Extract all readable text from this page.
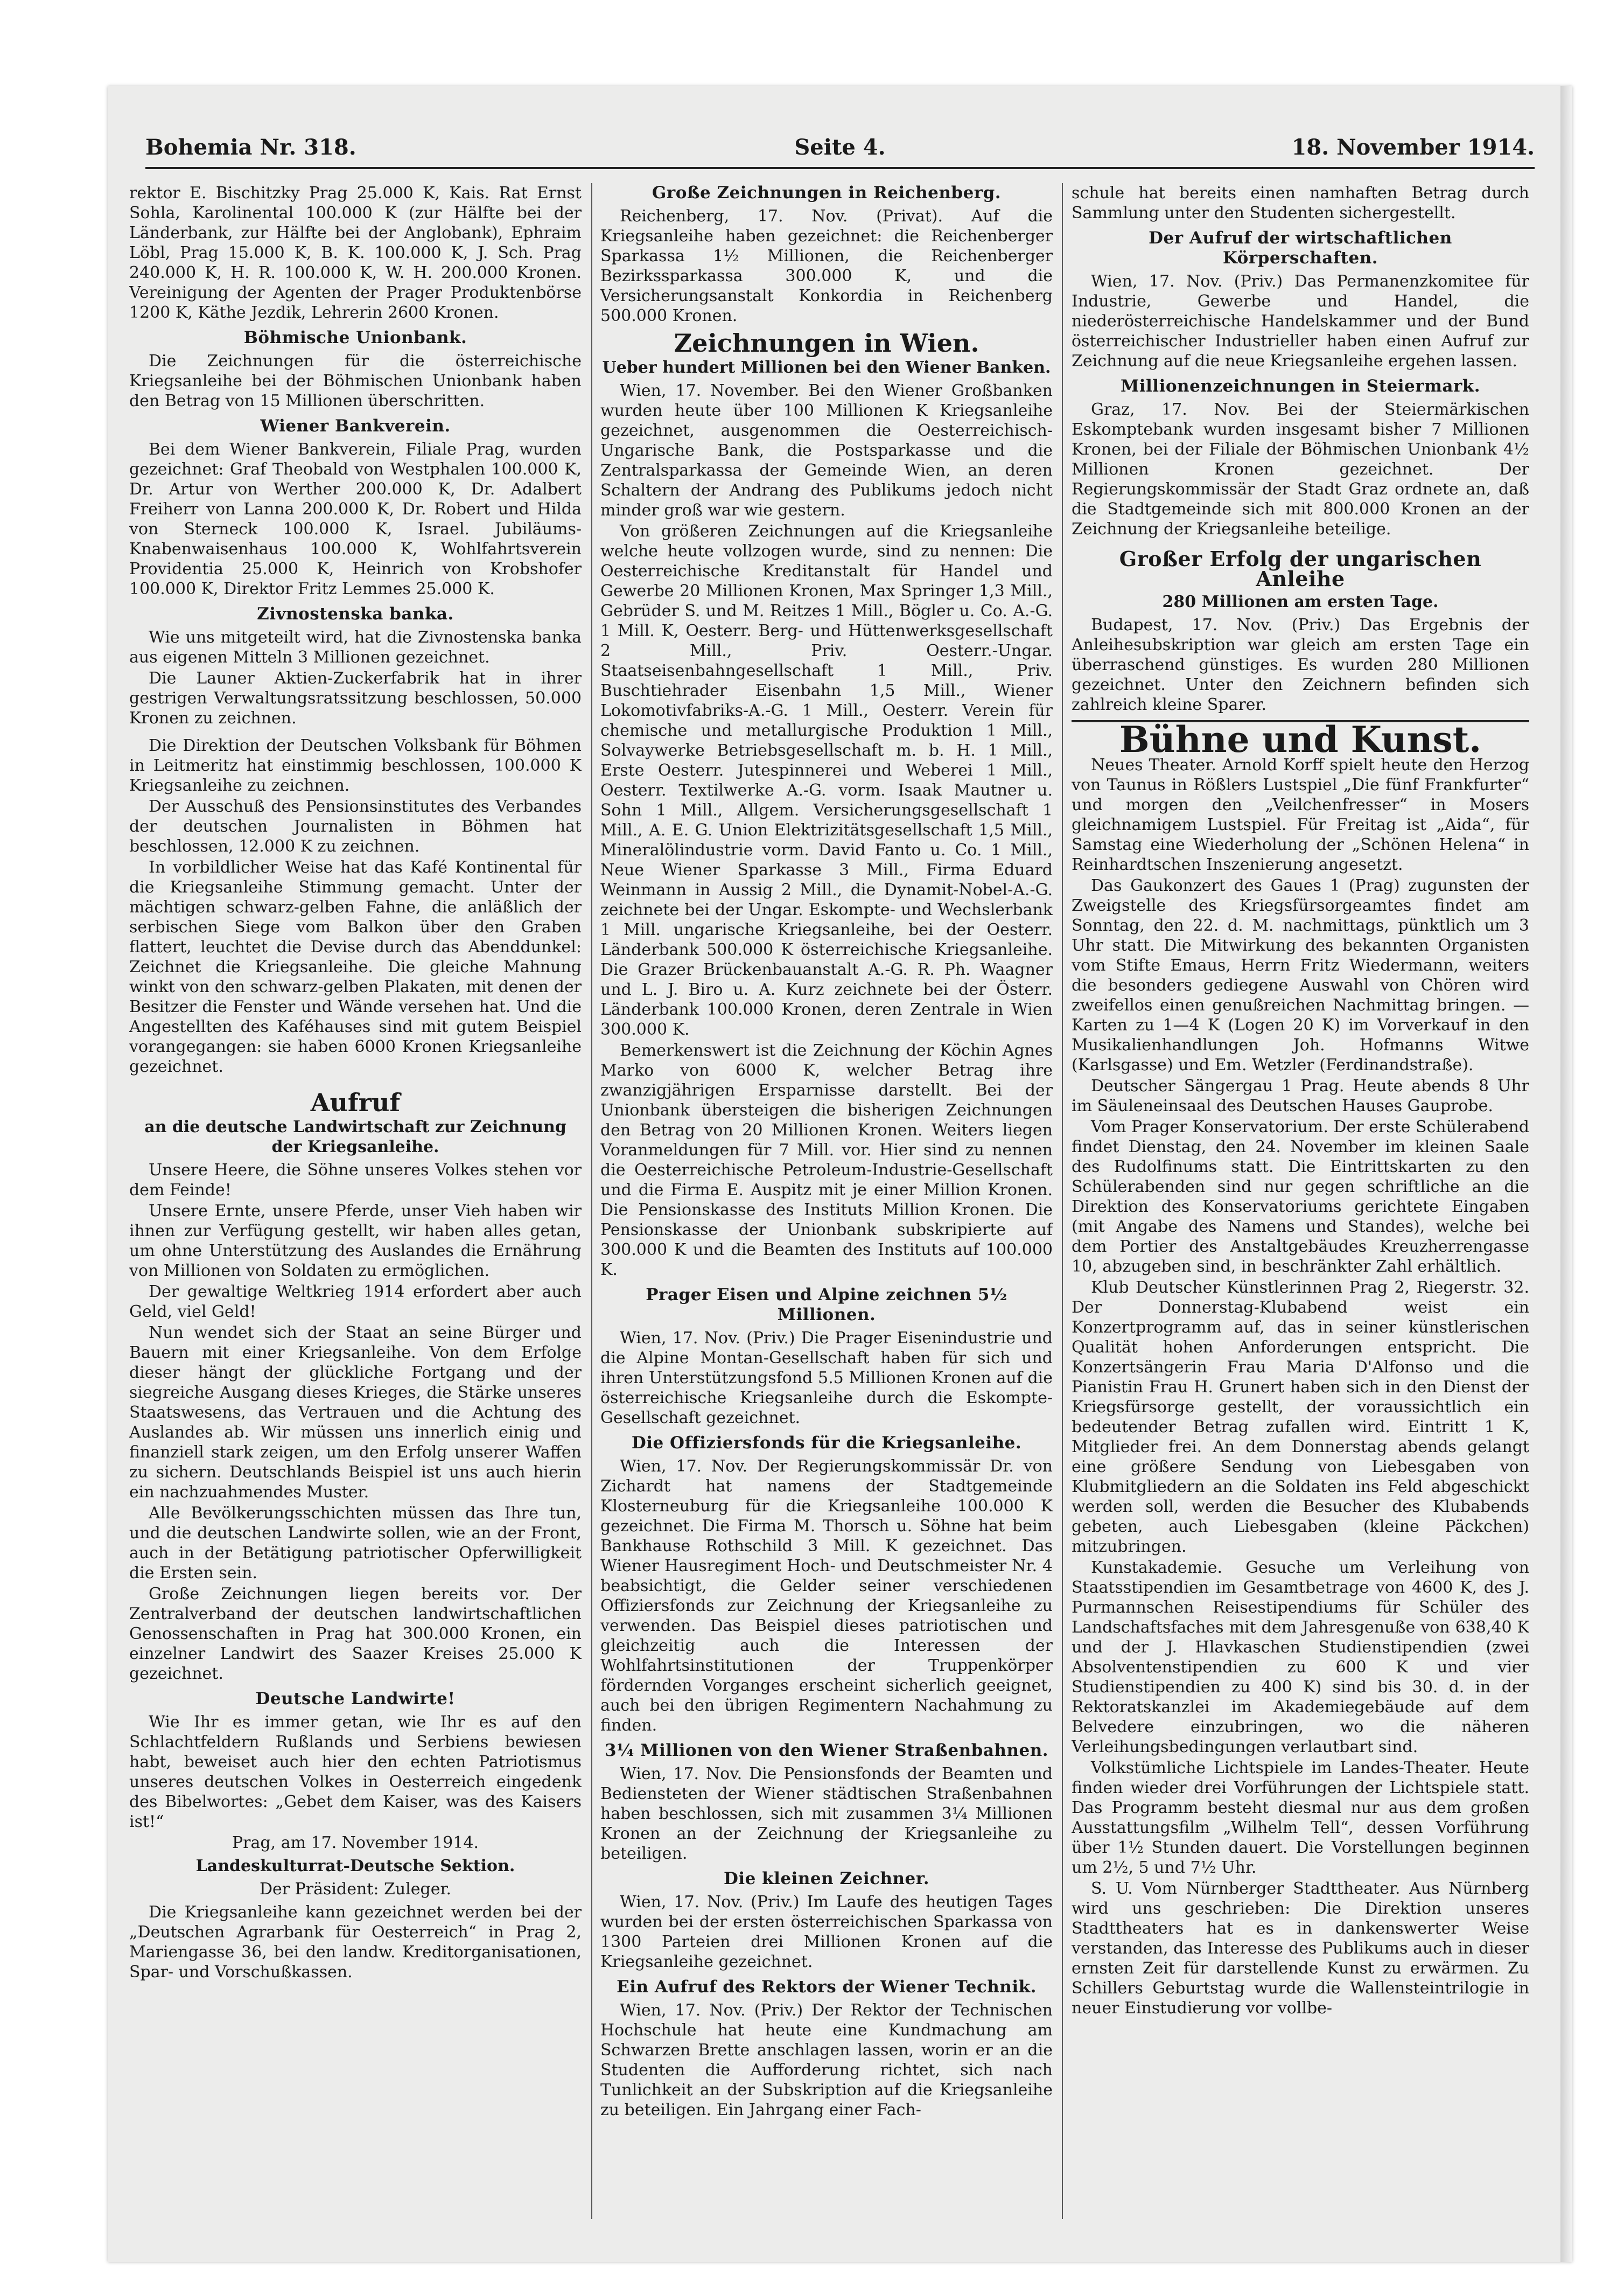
Bohemia Nr. 318.	Seite 4.	18. November 1914.

rektor E. Bischitzky Prag 25.000 K, Kais. Rat Ernst Sohla, Karolinental 100.000 K (zur Hälfte bei der Länderbank, zur Hälfte bei der Anglobank), Ephraim Löbl, Prag 15.000 K, B. K. 100.000 K, J. Sch. Prag 240.000 K, H. R. 100.000 K, W. H. 200.000 Kronen. Vereinigung der Agenten der Prager Produktenbörse 1200 K, Käthe Jezdik, Lehrerin 2600 Kronen.

Böhmische Unionbank.

Die Zeichnungen für die österreichische Kriegsanleihe bei der Böhmischen Unionbank haben den Betrag von 15 Millionen überschritten.

Wiener Bankverein.

Bei dem Wiener Bankverein, Filiale Prag, wurden gezeichnet: Graf Theobald von Westphalen 100.000 K, Dr. Artur von Werther 200.000 K, Dr. Adalbert Freiherr von Lanna 200.000 K, Dr. Robert und Hilda von Sterneck 100.000 K, Israel. Jubiläums-Knabenwaisenhaus 100.000 K, Wohlfahrtsverein Providentia 25.000 K, Heinrich von Krobshofer 100.000 K, Direktor Fritz Lemmes 25.000 K.

Zivnostenska banka.

Wie uns mitgeteilt wird, hat die Zivnostenska banka aus eigenen Mitteln 3 Millionen gezeichnet.

Die Launer Aktien-Zuckerfabrik hat in ihrer gestrigen Verwaltungsratssitzung beschlossen, 50.000 Kronen zu zeichnen.

Die Direktion der Deutschen Volksbank für Böhmen in Leitmeritz hat einstimmig beschlossen, 100.000 K Kriegsanleihe zu zeichnen.

Der Ausschuß des Pensionsinstitutes des Verbandes der deutschen Journalisten in Böhmen hat beschlossen, 12.000 K zu zeichnen.

In vorbildlicher Weise hat das Kafé Kontinental für die Kriegsanleihe Stimmung gemacht. Unter der mächtigen schwarz-gelben Fahne, die anläßlich der serbischen Siege vom Balkon über den Graben flattert, leuchtet die Devise durch das Abenddunkel: Zeichnet die Kriegsanleihe. Die gleiche Mahnung winkt von den schwarz-gelben Plakaten, mit denen der Besitzer die Fenster und Wände versehen hat. Und die Angestellten des Kaféhauses sind mit gutem Beispiel vorangegangen: sie haben 6000 Kronen Kriegsanleihe gezeichnet.

Aufruf
an die deutsche Landwirtschaft zur Zeichnung der Kriegsanleihe.

Unsere Heere, die Söhne unseres Volkes stehen vor dem Feinde!

Unsere Ernte, unsere Pferde, unser Vieh haben wir ihnen zur Verfügung gestellt, wir haben alles getan, um ohne Unterstützung des Auslandes die Ernährung von Millionen von Soldaten zu ermöglichen.

Der gewaltige Weltkrieg 1914 erfordert aber auch Geld, viel Geld!

Nun wendet sich der Staat an seine Bürger und Bauern mit einer Kriegsanleihe. Von dem Erfolge dieser hängt der glückliche Fortgang und der siegreiche Ausgang dieses Krieges, die Stärke unseres Staatswesens, das Vertrauen und die Achtung des Auslandes ab. Wir müssen uns innerlich einig und finanziell stark zeigen, um den Erfolg unserer Waffen zu sichern. Deutschlands Beispiel ist uns auch hierin ein nachzuahmendes Muster.

Alle Bevölkerungsschichten müssen das Ihre tun, und die deutschen Landwirte sollen, wie an der Front, auch in der Betätigung patriotischer Opferwilligkeit die Ersten sein.

Große Zeichnungen liegen bereits vor. Der Zentralverband der deutschen landwirtschaftlichen Genossenschaften in Prag hat 300.000 Kronen, ein einzelner Landwirt des Saazer Kreises 25.000 K gezeichnet.

Deutsche Landwirte!

Wie Ihr es immer getan, wie Ihr es auf den Schlachtfeldern Rußlands und Serbiens bewiesen habt, beweiset auch hier den echten Patriotismus unseres deutschen Volkes in Oesterreich eingedenk des Bibelwortes: „Gebet dem Kaiser, was des Kaisers ist!“

Prag, am 17. November 1914.
Landeskulturrat-Deutsche Sektion.
Der Präsident: Zuleger.

Die Kriegsanleihe kann gezeichnet werden bei der „Deutschen Agrarbank für Oesterreich“ in Prag 2, Mariengasse 36, bei den landw. Kreditorganisationen, Spar- und Vorschußkassen.

Große Zeichnungen in Reichenberg.

Reichenberg, 17. Nov. (Privat). Auf die Kriegsanleihe haben gezeichnet: die Reichenberger Sparkassa 1½ Millionen, die Reichenberger Bezirkssparkassa 300.000 K, und die Versicherungsanstalt Konkordia in Reichenberg 500.000 Kronen.

Zeichnungen in Wien.
Ueber hundert Millionen bei den Wiener Banken.

Wien, 17. November. Bei den Wiener Großbanken wurden heute über 100 Millionen K Kriegsanleihe gezeichnet, ausgenommen die Oesterreichisch-Ungarische Bank, die Postsparkasse und die Zentralsparkassa der Gemeinde Wien, an deren Schaltern der Andrang des Publikums jedoch nicht minder groß war wie gestern.

Von größeren Zeichnungen auf die Kriegsanleihe welche heute vollzogen wurde, sind zu nennen: Die Oesterreichische Kreditanstalt für Handel und Gewerbe 20 Millionen Kronen, Max Springer 1,3 Mill., Gebrüder S. und M. Reitzes 1 Mill., Bögler u. Co. A.-G. 1 Mill. K, Oesterr. Berg- und Hüttenwerksgesellschaft 2 Mill., Priv. Oesterr.-Ungar. Staatseisenbahngesellschaft 1 Mill., Priv. Buschtiehrader Eisenbahn 1,5 Mill., Wiener Lokomotivfabriks-A.-G. 1 Mill., Oesterr. Verein für chemische und metallurgische Produktion 1 Mill., Solvaywerke Betriebsgesellschaft m. b. H. 1 Mill., Erste Oesterr. Jutespinnerei und Weberei 1 Mill., Oesterr. Textilwerke A.-G. vorm. Isaak Mautner u. Sohn 1 Mill., Allgem. Versicherungsgesellschaft 1 Mill., A. E. G. Union Elektrizitätsgesellschaft 1,5 Mill., Mineralölindustrie vorm. David Fanto u. Co. 1 Mill., Neue Wiener Sparkasse 3 Mill., Firma Eduard Weinmann in Aussig 2 Mill., die Dynamit-Nobel-A.-G. zeichnete bei der Ungar. Eskompte- und Wechslerbank 1 Mill. ungarische Kriegsanleihe, bei der Oesterr. Länderbank 500.000 K österreichische Kriegsanleihe. Die Grazer Brückenbauanstalt A.-G. R. Ph. Waagner und L. J. Biro u. A. Kurz zeichnete bei der Österr. Länderbank 100.000 Kronen, deren Zentrale in Wien 300.000 K.

Bemerkenswert ist die Zeichnung der Köchin Agnes Marko von 6000 K, welcher Betrag ihre zwanzigjährigen Ersparnisse darstellt. Bei der Unionbank übersteigen die bisherigen Zeichnungen den Betrag von 20 Millionen Kronen. Weiters liegen Voranmeldungen für 7 Mill. vor. Hier sind zu nennen die Oesterreichische Petroleum-Industrie-Gesellschaft und die Firma E. Auspitz mit je einer Million Kronen. Die Pensionskasse des Instituts Million Kronen. Die Pensionskasse der Unionbank subskripierte auf 300.000 K und die Beamten des Instituts auf 100.000 K.

Prager Eisen und Alpine zeichnen 5½ Millionen.

Wien, 17. Nov. (Priv.) Die Prager Eisenindustrie und die Alpine Montan-Gesellschaft haben für sich und ihren Unterstützungsfond 5.5 Millionen Kronen auf die österreichische Kriegsanleihe durch die Eskompte-Gesellschaft gezeichnet.

Die Offiziersfonds für die Kriegsanleihe.

Wien, 17. Nov. Der Regierungskommissär Dr. von Zichardt hat namens der Stadtgemeinde Klosterneuburg für die Kriegsanleihe 100.000 K gezeichnet. Die Firma M. Thorsch u. Söhne hat beim Bankhause Rothschild 3 Mill. K gezeichnet. Das Wiener Hausregiment Hoch- und Deutschmeister Nr. 4 beabsichtigt, die Gelder seiner verschiedenen Offiziersfonds zur Zeichnung der Kriegsanleihe zu verwenden. Das Beispiel dieses patriotischen und gleichzeitig auch die Interessen der Wohlfahrtsinstitutionen der Truppenkörper fördernden Vorganges erscheint sicherlich geeignet, auch bei den übrigen Regimentern Nachahmung zu finden.

3¼ Millionen von den Wiener Straßenbahnen.

Wien, 17. Nov. Die Pensionsfonds der Beamten und Bediensteten der Wiener städtischen Straßenbahnen haben beschlossen, sich mit zusammen 3¼ Millionen Kronen an der Zeichnung der Kriegsanleihe zu beteiligen.

Die kleinen Zeichner.

Wien, 17. Nov. (Priv.) Im Laufe des heutigen Tages wurden bei der ersten österreichischen Sparkassa von 1300 Parteien drei Millionen Kronen auf die Kriegsanleihe gezeichnet.

Ein Aufruf des Rektors der Wiener Technik.

Wien, 17. Nov. (Priv.) Der Rektor der Technischen Hochschule hat heute eine Kundmachung am Schwarzen Brette anschlagen lassen, worin er an die Studenten die Aufforderung richtet, sich nach Tunlichkeit an der Subskription auf die Kriegsanleihe zu beteiligen. Ein Jahrgang einer Fach-

schule hat bereits einen namhaften Betrag durch Sammlung unter den Studenten sichergestellt.

Der Aufruf der wirtschaftlichen Körperschaften.

Wien, 17. Nov. (Priv.) Das Permanenzkomitee für Industrie, Gewerbe und Handel, die niederösterreichische Handelskammer und der Bund österreichischer Industrieller haben einen Aufruf zur Zeichnung auf die neue Kriegsanleihe ergehen lassen.

Millionenzeichnungen in Steiermark.

Graz, 17. Nov. Bei der Steiermärkischen Eskomptebank wurden insgesamt bisher 7 Millionen Kronen, bei der Filiale der Böhmischen Unionbank 4½ Millionen Kronen gezeichnet. Der Regierungskommissär der Stadt Graz ordnete an, daß die Stadtgemeinde sich mit 800.000 Kronen an der Zeichnung der Kriegsanleihe beteilige.

Großer Erfolg der ungarischen Anleihe
280 Millionen am ersten Tage.

Budapest, 17. Nov. (Priv.) Das Ergebnis der Anleihesubskription war gleich am ersten Tage ein überraschend günstiges. Es wurden 280 Millionen gezeichnet. Unter den Zeichnern befinden sich zahlreich kleine Sparer.

Bühne und Kunst.

Neues Theater. Arnold Korff spielt heute den Herzog von Taunus in Rößlers Lustspiel „Die fünf Frankfurter“ und morgen den „Veilchenfresser“ in Mosers gleichnamigem Lustspiel. Für Freitag ist „Aida“, für Samstag eine Wiederholung der „Schönen Helena“ in Reinhardtschen Inszenierung angesetzt.

Das Gaukonzert des Gaues 1 (Prag) zugunsten der Zweigstelle des Kriegsfürsorgeamtes findet am Sonntag, den 22. d. M. nachmittags, pünktlich um 3 Uhr statt. Die Mitwirkung des bekannten Organisten vom Stifte Emaus, Herrn Fritz Wiedermann, weiters die besonders gediegene Auswahl von Chören wird zweifellos einen genußreichen Nachmittag bringen. — Karten zu 1—4 K (Logen 20 K) im Vorverkauf in den Musikalienhandlungen Joh. Hofmanns Witwe (Karlsgasse) und Em. Wetzler (Ferdinandstraße).

Deutscher Sängergau 1 Prag. Heute abends 8 Uhr im Säuleneinsaal des Deutschen Hauses Gauprobe.

Vom Prager Konservatorium. Der erste Schülerabend findet Dienstag, den 24. November im kleinen Saale des Rudolfinums statt. Die Eintrittskarten zu den Schülerabenden sind nur gegen schriftliche an die Direktion des Konservatoriums gerichtete Eingaben (mit Angabe des Namens und Standes), welche bei dem Portier des Anstaltgebäudes Kreuzherrengasse 10, abzugeben sind, in beschränkter Zahl erhältlich.

Klub Deutscher Künstlerinnen Prag 2, Riegerstr. 32. Der Donnerstag-Klubabend weist ein Konzertprogramm auf, das in seiner künstlerischen Qualität hohen Anforderungen entspricht. Die Konzertsängerin Frau Maria D'Alfonso und die Pianistin Frau H. Grunert haben sich in den Dienst der Kriegsfürsorge gestellt, der voraussichtlich ein bedeutender Betrag zufallen wird. Eintritt 1 K, Mitglieder frei. An dem Donnerstag abends gelangt eine größere Sendung von Liebesgaben von Klubmitgliedern an die Soldaten ins Feld abgeschickt werden soll, werden die Besucher des Klubabends gebeten, auch Liebesgaben (kleine Päckchen) mitzubringen.

Kunstakademie. Gesuche um Verleihung von Staatsstipendien im Gesamtbetrage von 4600 K, des J. Purmannschen Reisestipendiums für Schüler des Landschaftsfaches mit dem Jahresgenuße von 638,40 K und der J. Hlavkaschen Studienstipendien (zwei Absolventenstipendien zu 600 K und vier Studienstipendien zu 400 K) sind bis 30. d. in der Rektoratskanzlei im Akademiegebäude auf dem Belvedere einzubringen, wo die näheren Verleihungsbedingungen verlautbart sind.

Volkstümliche Lichtspiele im Landes-Theater. Heute finden wieder drei Vorführungen der Lichtspiele statt. Das Programm besteht diesmal nur aus dem großen Ausstattungsfilm „Wilhelm Tell“, dessen Vorführung über 1½ Stunden dauert. Die Vorstellungen beginnen um 2½, 5 und 7½ Uhr.

S. U. Vom Nürnberger Stadttheater. Aus Nürnberg wird uns geschrieben: Die Direktion unseres Stadttheaters hat es in dankenswerter Weise verstanden, das Interesse des Publikums auch in dieser ernsten Zeit für darstellende Kunst zu erwärmen. Zu Schillers Geburtstag wurde die Wallensteintrilogie in neuer Einstudierung vor vollbe-
